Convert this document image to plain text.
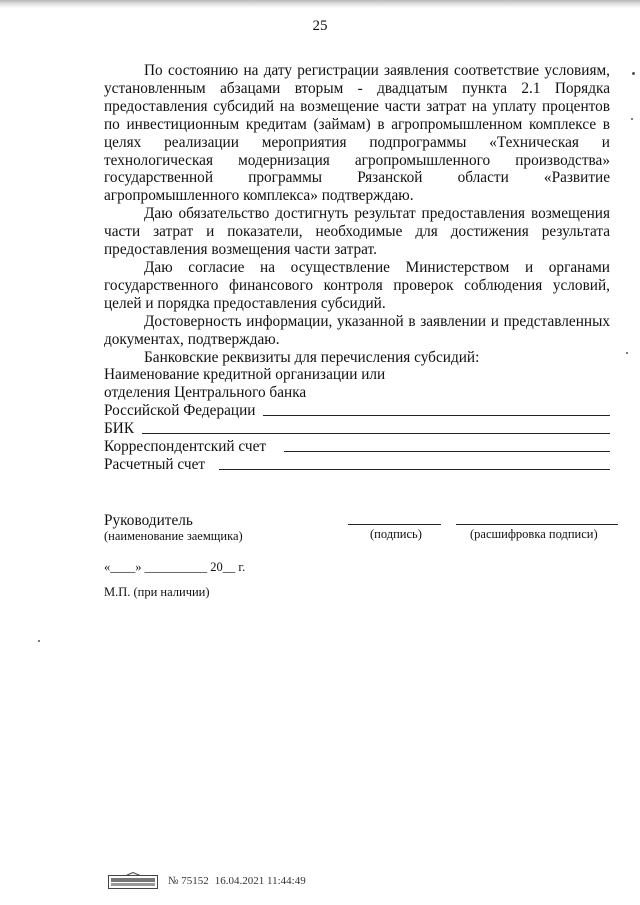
25

По состоянию на дату регистрации заявления соответствие условиям, установленным абзацами вторым - двадцатым пункта 2.1 Порядка предоставления субсидий на возмещение части затрат на уплату процентов по инвестиционным кредитам (займам) в агропромышленном комплексе в целях реализации мероприятия подпрограммы «Техническая и технологическая модернизация агропромышленного производства» государственной программы Рязанской области «Развитие агропромышленного комплекса» подтверждаю.

Даю обязательство достигнуть результат предоставления возмещения части затрат и показатели, необходимые для достижения результата предоставления возмещения части затрат.

Даю согласие на осуществление Министерством и органами государственного финансового контроля проверок соблюдения условий, целей и порядка предоставления субсидий.

Достоверность информации, указанной в заявлении и представленных документах, подтверждаю.

Банковские реквизиты для перечисления субсидий:

Наименование кредитной организации или

отделения Центрального банка

Российской Федерации
БИК
Корреспондентский счет
Расчетный счет

Руководитель

(наименование заемщика)	(подпись)	(расшифровка подписи)
«____» __________ 20__ г.
М.П. (при наличии)
№ 75152 16.04.2021 11:44:49
